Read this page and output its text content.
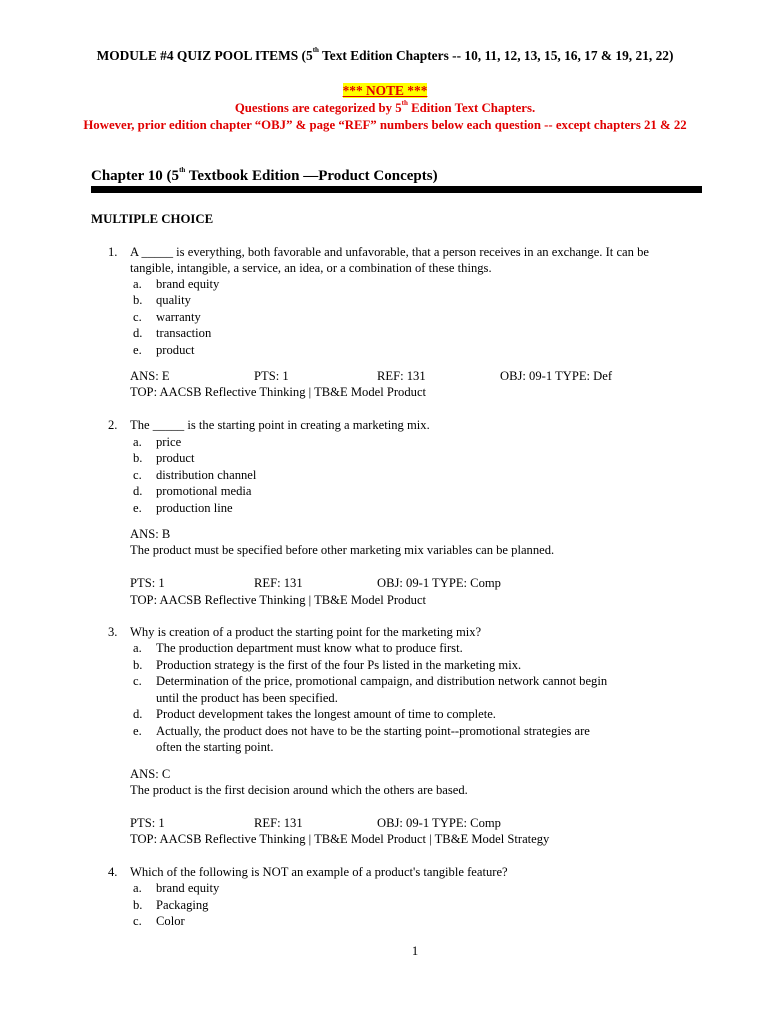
MODULE #4 QUIZ POOL ITEMS (5th Text Edition Chapters -- 10, 11, 12, 13, 15, 16, 17 & 19, 21, 22)
*** NOTE ***
Questions are categorized by 5th Edition Text Chapters.
However, prior edition chapter “OBJ” & page “REF” numbers below each question -- except chapters 21 & 22
Chapter 10 (5th Textbook Edition —Product Concepts)
MULTIPLE CHOICE
1. A _____ is everything, both favorable and unfavorable, that a person receives in an exchange. It can be
tangible, intangible, a service, an idea, or a combination of these things.
a. brand equity
b. quality
c. warranty
d. transaction
e. product
ANS: E	PTS: 1	REF: 131	OBJ: 09-1 TYPE: Def
TOP: AACSB Reflective Thinking | TB&E Model Product
2. The _____ is the starting point in creating a marketing mix.
a. price
b. product
c. distribution channel
d. promotional media
e. production line
ANS: B
The product must be specified before other marketing mix variables can be planned.
PTS: 1	REF: 131	OBJ: 09-1 TYPE: Comp
TOP: AACSB Reflective Thinking | TB&E Model Product
3. Why is creation of a product the starting point for the marketing mix?
a. The production department must know what to produce first.
b. Production strategy is the first of the four Ps listed in the marketing mix.
c. Determination of the price, promotional campaign, and distribution network cannot begin
until the product has been specified.
d. Product development takes the longest amount of time to complete.
e. Actually, the product does not have to be the starting point--promotional strategies are
often the starting point.
ANS: C
The product is the first decision around which the others are based.
PTS: 1	REF: 131	OBJ: 09-1 TYPE: Comp
TOP: AACSB Reflective Thinking | TB&E Model Product | TB&E Model Strategy
4. Which of the following is NOT an example of a product's tangible feature?
a. brand equity
b. Packaging
c. Color
1
